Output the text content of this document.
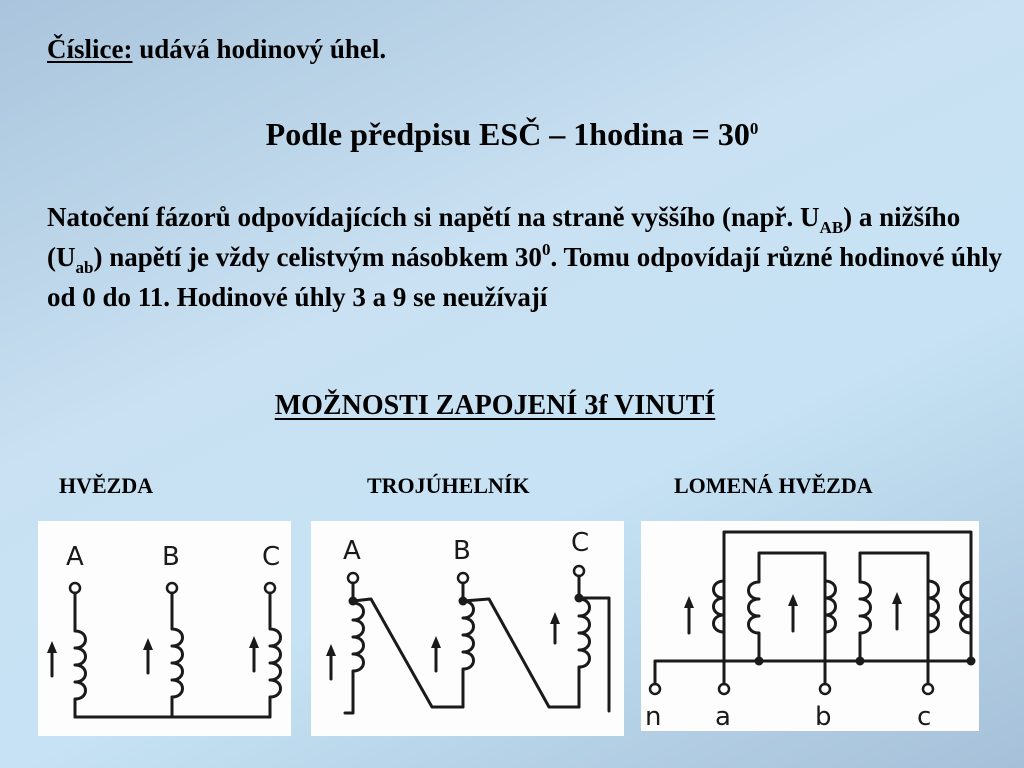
Číslice: udává hodinový úhel.
Podle předpisu ESČ – 1hodina = $30^0$
Natočení fázorů odpovídajících si napětí na straně vyššího (např. $U_{AB}$) a nižšího $(U_{ab})$ napětí je vždy celistvým násobkem $30^0$. Tomu odpovídají různé hodinové úhly od 0 do 11. Hodinové úhly 3 a 9 se neužívají
MOŽNOSTI ZAPOJENÍ 3f VINUTÍ
HVĚZDA	TROJÚHELNÍK	LOMENÁ HVĚZDA
A	B	C A	B	C
n a	b	c
